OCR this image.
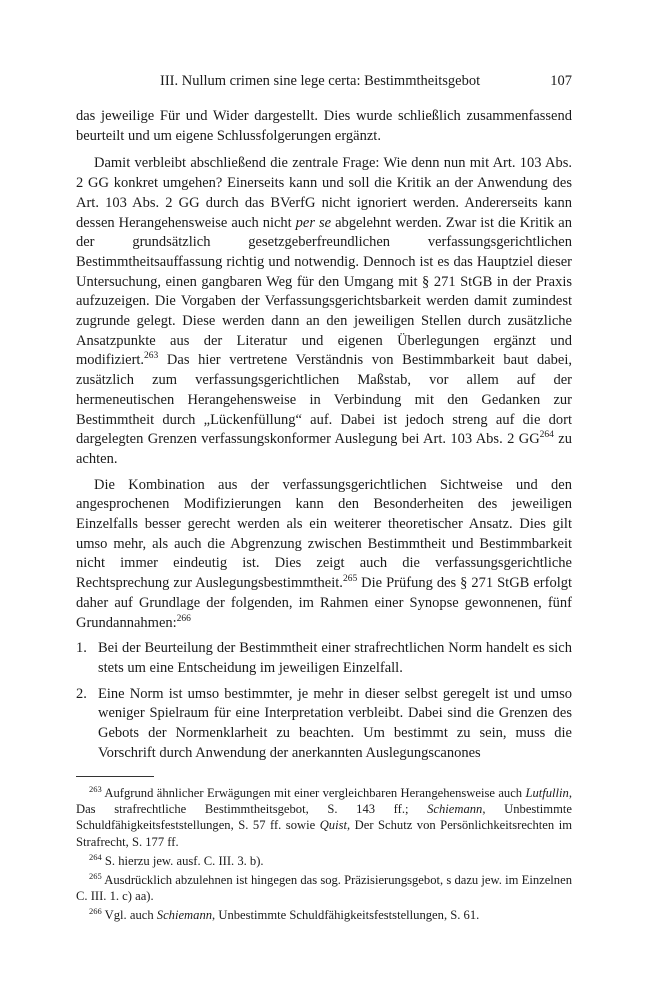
III. Nullum crimen sine lege certa: Bestimmtheitsgebot	107

das jeweilige Für und Wider dargestellt. Dies wurde schließlich zusammenfassend beurteilt und um eigene Schlussfolgerungen ergänzt.

Damit verbleibt abschließend die zentrale Frage: Wie denn nun mit Art. 103 Abs. 2 GG konkret umgehen? Einerseits kann und soll die Kritik an der Anwendung des Art. 103 Abs. 2 GG durch das BVerfG nicht ignoriert werden. Andererseits kann dessen Herangehensweise auch nicht per se abgelehnt werden. Zwar ist die Kritik an der grundsätzlich gesetzgeberfreundlichen verfassungsgerichtlichen Bestimmtheitsauffassung richtig und notwendig. Dennoch ist es das Hauptziel dieser Untersuchung, einen gangbaren Weg für den Umgang mit § 271 StGB in der Praxis aufzuzeigen. Die Vorgaben der Verfassungsgerichtsbarkeit werden damit zumindest zugrunde gelegt. Diese werden dann an den jeweiligen Stellen durch zusätzliche Ansatzpunkte aus der Literatur und eigenen Überlegungen ergänzt und modifiziert.$^{263}$ Das hier vertretene Verständnis von Bestimmbarkeit baut dabei, zusätzlich zum verfassungsgerichtlichen Maßstab, vor allem auf der hermeneutischen Herangehensweise in Verbindung mit den Gedanken zur Bestimmtheit durch „Lückenfüllung“ auf. Dabei ist jedoch streng auf die dort dargelegten Grenzen verfassungskonformer Auslegung bei Art. 103 Abs. 2 GG$^{264}$ zu achten.

Die Kombination aus der verfassungsgerichtlichen Sichtweise und den angesprochenen Modifizierungen kann den Besonderheiten des jeweiligen Einzelfalls besser gerecht werden als ein weiterer theoretischer Ansatz. Dies gilt umso mehr, als auch die Abgrenzung zwischen Bestimmtheit und Bestimmbarkeit nicht immer eindeutig ist. Dies zeigt auch die verfassungsgerichtliche Rechtsprechung zur Auslegungsbestimmtheit.$^{265}$ Die Prüfung des § 271 StGB erfolgt daher auf Grundlage der folgenden, im Rahmen einer Synopse gewonnenen, fünf Grundannahmen:$^{266}$

1. Bei der Beurteilung der Bestimmtheit einer strafrechtlichen Norm handelt es sich stets um eine Entscheidung im jeweiligen Einzelfall.
2. Eine Norm ist umso bestimmter, je mehr in dieser selbst geregelt ist und umso weniger Spielraum für eine Interpretation verbleibt. Dabei sind die Grenzen des Gebots der Normenklarheit zu beachten. Um bestimmt zu sein, muss die Vorschrift durch Anwendung der anerkannten Auslegungscanones

$^{263}$ Aufgrund ähnlicher Erwägungen mit einer vergleichbaren Herangehensweise auch Lutfullin, Das strafrechtliche Bestimmtheitsgebot, S. 143 ff.; Schiemann, Unbestimmte Schuldfähigkeitsfeststellungen, S. 57 ff. sowie Quist, Der Schutz von Persönlichkeitsrechten im Strafrecht, S. 177 ff.

$^{264}$ S. hierzu jew. ausf. C. III. 3. b).

$^{265}$ Ausdrücklich abzulehnen ist hingegen das sog. Präzisierungsgebot, s dazu jew. im Einzelnen C. III. 1. c) aa).

$^{266}$ Vgl. auch Schiemann, Unbestimmte Schuldfähigkeitsfeststellungen, S. 61.
